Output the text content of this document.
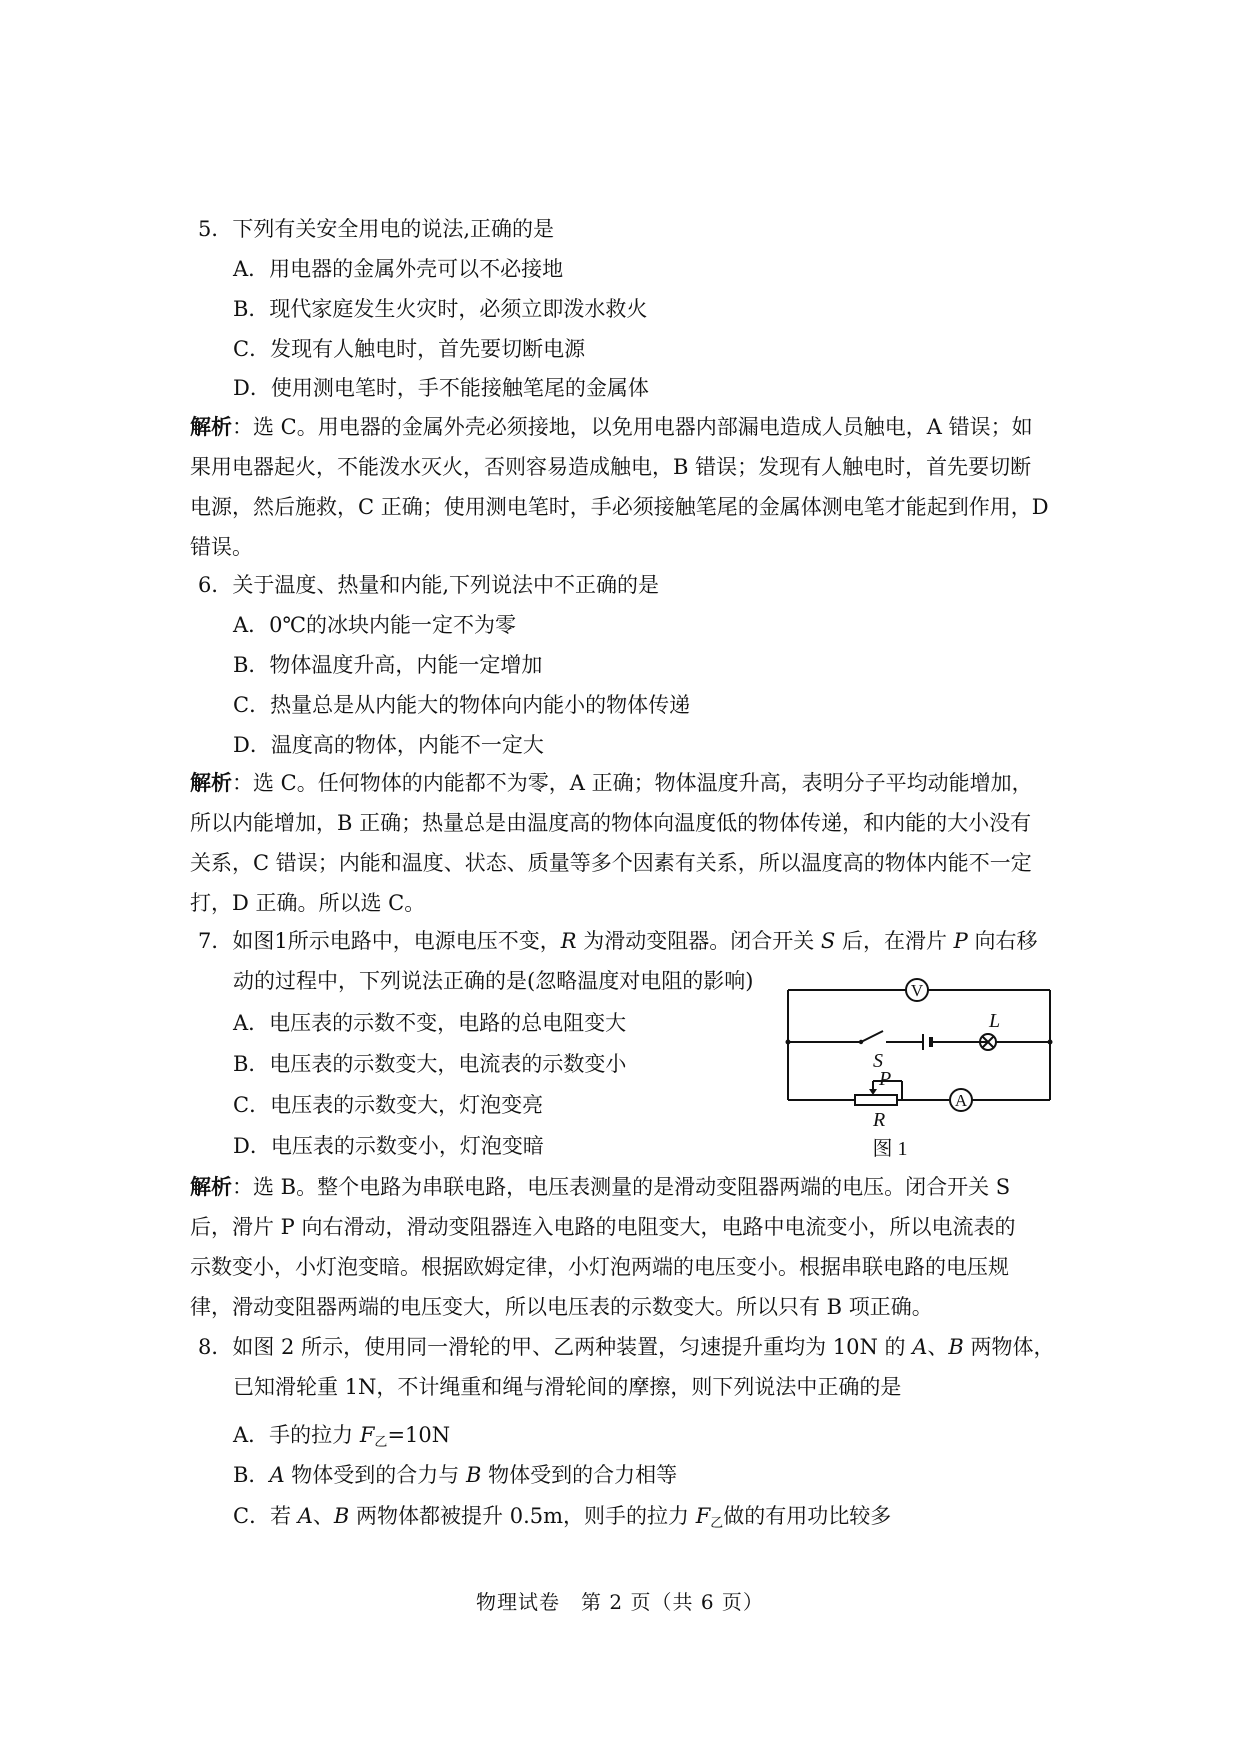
5．下列有关安全用电的说法,正确的是
A．用电器的金属外壳可以不必接地
B．现代家庭发生火灾时，必须立即泼水救火
C．发现有人触电时，首先要切断电源
D．使用测电笔时，手不能接触笔尾的金属体
解析：选 C。用电器的金属外壳必须接地，以免用电器内部漏电造成人员触电，A 错误；如
果用电器起火，不能泼水灭火，否则容易造成触电，B 错误；发现有人触电时，首先要切断
电源，然后施救，C 正确；使用测电笔时，手必须接触笔尾的金属体测电笔才能起到作用，D
错误。
6．关于温度、热量和内能,下列说法中不正确的是
A．0℃的冰块内能一定不为零
B．物体温度升高，内能一定增加
C．热量总是从内能大的物体向内能小的物体传递
D．温度高的物体，内能不一定大
解析：选 C。任何物体的内能都不为零，A 正确；物体温度升高，表明分子平均动能增加，
所以内能增加，B 正确；热量总是由温度高的物体向温度低的物体传递，和内能的大小没有
关系，C 错误；内能和温度、状态、质量等多个因素有关系，所以温度高的物体内能不一定
打，D 正确。所以选 C。
7．如图1所示电路中，电源电压不变，R 为滑动变阻器。闭合开关 S 后，在滑片 P 向右移
动的过程中，下列说法正确的是(忽略温度对电阻的影响)
A．电压表的示数不变，电路的总电阻变大
B．电压表的示数变大，电流表的示数变小
C．电压表的示数变大，灯泡变亮
D．电压表的示数变小，灯泡变暗
V
A
L
S
R
P
图 1
解析：选 B。整个电路为串联电路，电压表测量的是滑动变阻器两端的电压。闭合开关 S
后，滑片 P 向右滑动，滑动变阻器连入电路的电阻变大，电路中电流变小，所以电流表的
示数变小，小灯泡变暗。根据欧姆定律，小灯泡两端的电压变小。根据串联电路的电压规
律，滑动变阻器两端的电压变大，所以电压表的示数变大。所以只有 B 项正确。
8．如图 2 所示，使用同一滑轮的甲、乙两种装置，匀速提升重均为 10N 的 A、B 两物体，
已知滑轮重 1N，不计绳重和绳与滑轮间的摩擦，则下列说法中正确的是
A．手的拉力 $F_乙=10N$
B．A 物体受到的合力与 B 物体受到的合力相等
C．若 A、B 两物体都被提升 0.5m，则手的拉力 $F_乙$做的有用功比较多
物理试卷　第 2 页（共 6 页）
